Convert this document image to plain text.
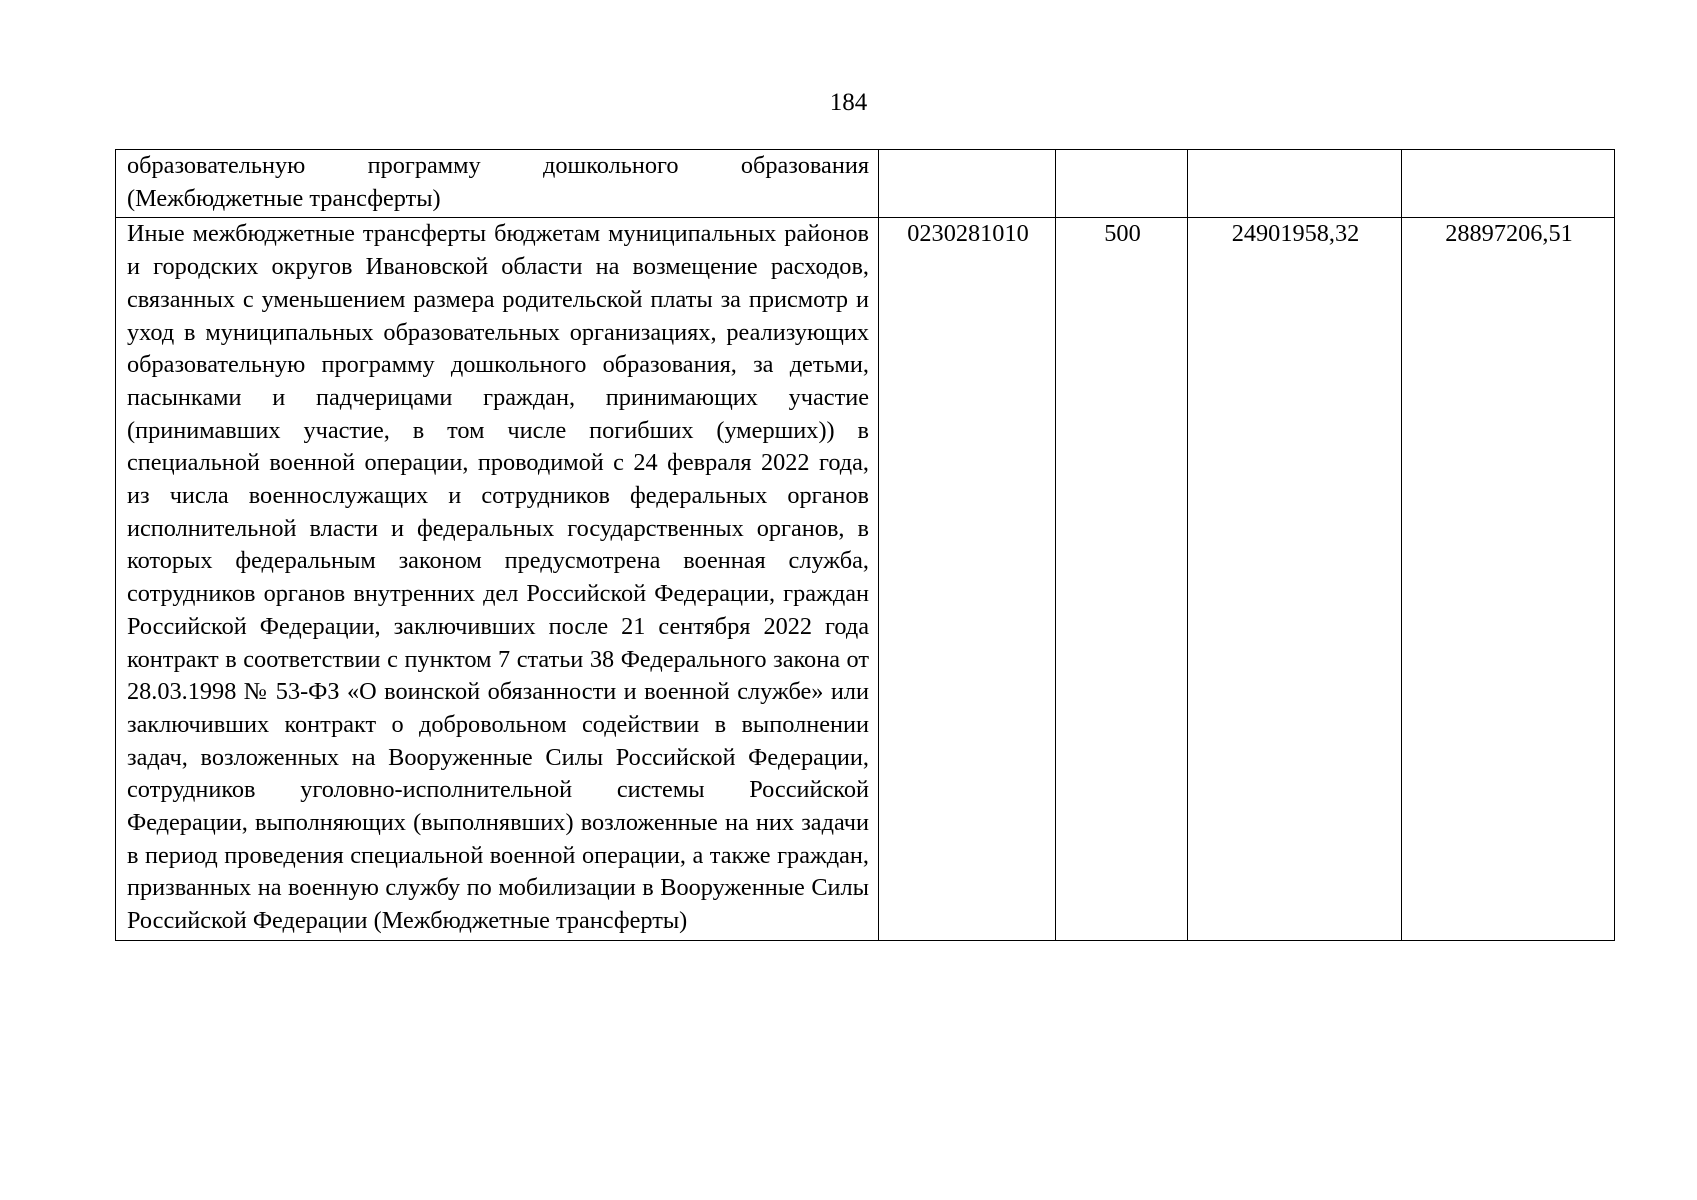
184
образовательную программу дошкольного образования (Межбюджетные трансферты)				

Иные межбюджетные трансферты бюджетам муниципальных районов и городских округов Ивановской области на возмещение расходов, связанных с уменьшением размера родительской платы за присмотр и уход в муниципальных образовательных организациях, реализующих образовательную программу дошкольного образования, за детьми, пасынками и падчерицами граждан, принимающих участие (принимавших участие, в том числе погибших (умерших)) в специальной военной операции, проводимой с 24 февраля 2022 года, из числа военнослужащих и сотрудников федеральных органов исполнительной власти и федеральных государственных органов, в которых федеральным законом предусмотрена военная служба, сотрудников органов внутренних дел Российской Федерации, граждан Российской Федерации, заключивших после 21 сентября 2022 года контракт в соответствии с пунктом 7 статьи 38 Федерального закона от 28.03.1998 № 53-ФЗ «О воинской обязанности и военной службе» или заключивших контракт о добровольном содействии в выполнении задач, возложенных на Вооруженные Силы Российской Федерации, сотрудников уголовно-исполнительной системы Российской Федерации, выполняющих (выполнявших) возложенные на них задачи в период проведения специальной военной операции, а также граждан, призванных на военную службу по мобилизации в Вооруженные Силы Российской Федерации (Межбюджетные трансферты)	0230281010	500	24901958,32	28897206,51
